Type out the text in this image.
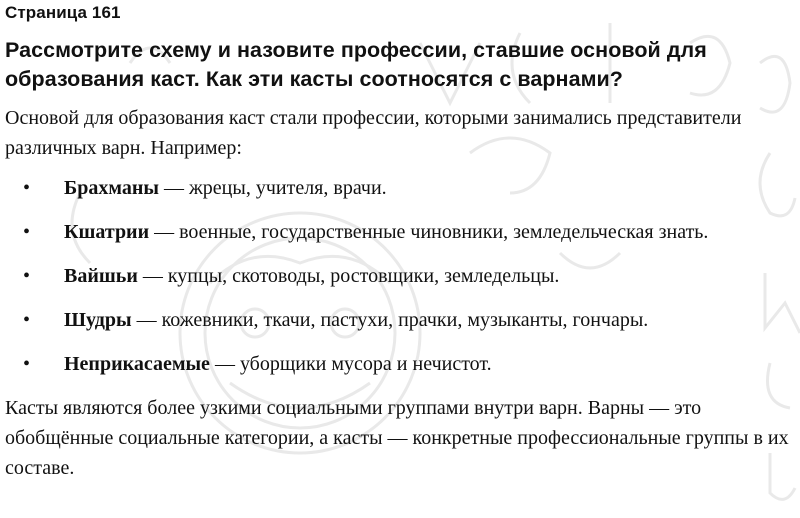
Страница 161
Рассмотрите схему и назовите профессии, ставшие основой для образования каст. Как эти касты соотносятся с варнами?
Основой для образования каст стали профессии, которыми занимались представители различных варн. Например:
• Брахманы — жрецы, учителя, врачи.
• Кшатрии — военные, государственные чиновники, земледельческая знать.
• Вайшьи — купцы, скотоводы, ростовщики, земледельцы.
• Шудры — кожевники, ткачи, пастухи, прачки, музыканты, гончары.
• Неприкасаемые — уборщики мусора и нечистот.
Касты являются более узкими социальными группами внутри варн. Варны — это обобщённые социальные категории, а касты — конкретные профессиональные группы в их составе.
